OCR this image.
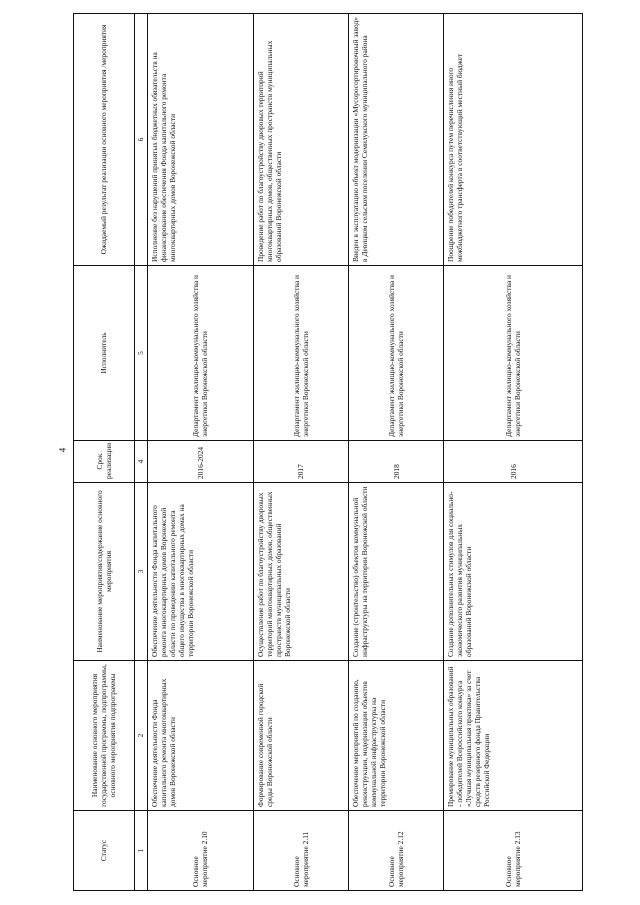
4
Статус	Наименование основного мероприятия государственной программы, подпрограммы, основного мероприятия подпрограммы	Наименование мероприятия/содержание основного мероприятия	Срок реализации	Исполнитель	Ожидаемый результат реализации основного мероприятия /мероприятия
1	2	3	4	5	6
Основное мероприятие 2.10	Обеспечение деятельности Фонда капитального ремонта многоквартирных домов Воронежской области	Обеспечение деятельности Фонда капитального ремонта многоквартирных домов Воронежской области по проведению капитального ремонта общего имущества в многоквартирных домах на территории Воронежской области	2016-2024	Департамент жилищно-коммунального хозяйства и энергетики Воронежской области	Исполнение без нарушений принятых бюджетных обязательств на финансирование обеспечения Фонда капитального ремонта многоквартирных домов Воронежской области
Основное мероприятие 2.11	Формирование современной городской среды Воронежской области	Осуществление работ по благоустройству дворовых территорий многоквартирных домов, общественных пространств муниципальных образований Воронежской области	2017	Департамент жилищно-коммунального хозяйства и энергетики Воронежской области	Проведение работ по благоустройству дворовых территорий многоквартирных домов, общественных пространств муниципальных образований Воронежской области
Основное мероприятие 2.12	Обеспечение мероприятий по созданию, реконструкции, модернизации объектов коммунальной инфраструктуры на территории Воронежской области	Создание (строительство) объектов коммунальной инфраструктуры на территории Воронежской области	2018	Департамент жилищно-коммунального хозяйства и энергетики Воронежской области	Введен в эксплуатацию объект модернизации «Мусоросортировочный завод» в Девицком сельском поселении Семилукского муниципального района
Основное мероприятие 2.13	Премирование муниципальных образований - победителей Всероссийского конкурса «Лучшая муниципальная практика» за счет средств резервного фонда Правительства Российской Федерации	Создание дополнительных стимулов для социально-экономического развития муниципальных образований Воронежской области	2016	Департамент жилищно-коммунального хозяйства и энергетики Воронежской области	Поощрение победителей конкурса путем перечисления иного межбюджетного трансферта в соответствующий местный бюджет
